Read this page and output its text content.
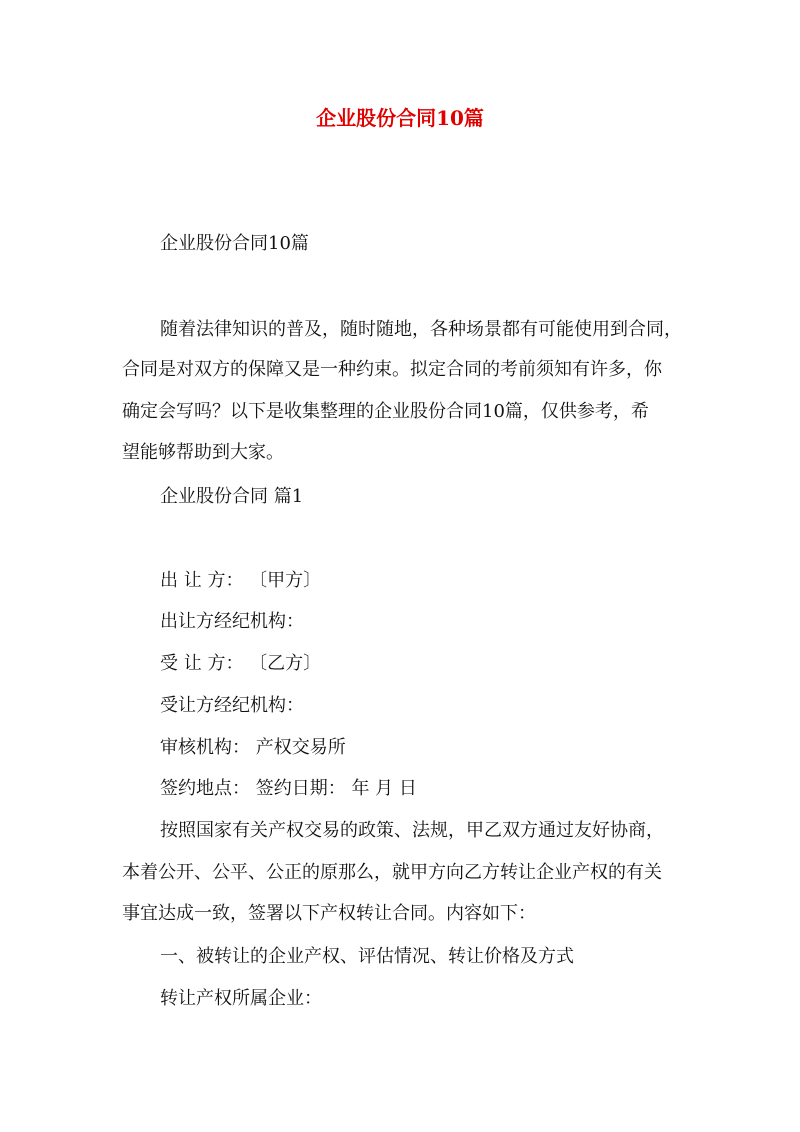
企业股份合同10篇
企业股份合同10篇
随着法律知识的普及，随时随地，各种场景都有可能使用到合同，
合同是对双方的保障又是一种约束。拟定合同的考前须知有许多，你
确定会写吗？以下是收集整理的企业股份合同10篇，仅供参考，希
望能够帮助到大家。
企业股份合同 篇1
出 让 方： 〔甲方〕
出让方经纪机构：
受 让 方： 〔乙方〕
受让方经纪机构：
审核机构： 产权交易所
签约地点： 签约日期： 年 月 日
按照国家有关产权交易的政策、法规，甲乙双方通过友好协商，
本着公开、公平、公正的原那么，就甲方向乙方转让企业产权的有关
事宜达成一致，签署以下产权转让合同。内容如下：
一、被转让的企业产权、评估情况、转让价格及方式
转让产权所属企业：
